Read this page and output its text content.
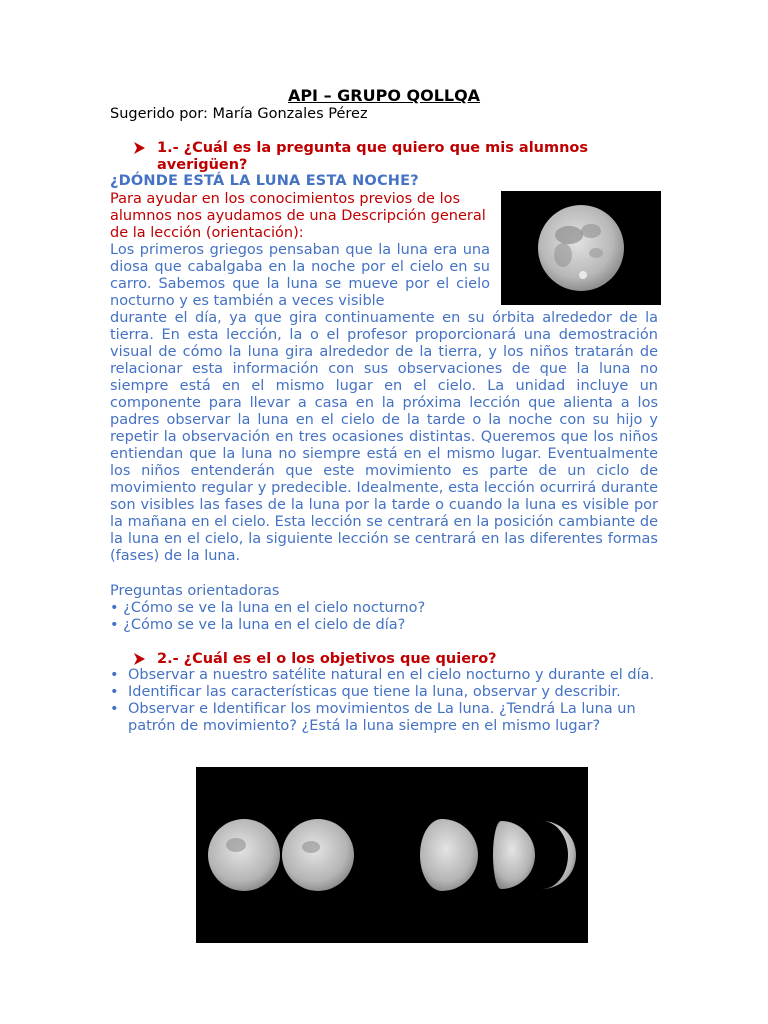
API – GRUPO QOLLQA
Sugerido por: María Gonzales Pérez
1.- ¿Cuál es la pregunta que quiero que mis alumnos averigüen?
¿DÓNDE ESTÁ LA LUNA ESTA NOCHE?
Para ayudar en los conocimientos previos de los alumnos nos ayudamos de una Descripción general de la lección (orientación):
Los primeros griegos pensaban que la luna era una diosa que cabalgaba en la noche por el cielo en su carro. Sabemos que la luna se mueve por el cielo nocturno y es también a veces visible
durante el día, ya que gira continuamente en su órbita alrededor de la tierra. En esta lección, la o el profesor proporcionará una demostración visual de cómo la luna gira alrededor de la tierra, y los niños tratarán de relacionar esta información con sus observaciones de que la luna no siempre está en el mismo lugar en el cielo. La unidad incluye un componente para llevar a casa en la próxima lección que alienta a los padres observar la luna en el cielo de la tarde o la noche con su hijo y repetir la observación en tres ocasiones distintas. Queremos que los niños entiendan que la luna no siempre está en el mismo lugar. Eventualmente los niños entenderán que este movimiento es parte de un ciclo de movimiento regular y predecible. Idealmente, esta lección ocurrirá durante son visibles las fases de la luna por la tarde o cuando la luna es visible por la mañana en el cielo. Esta lección se centrará en la posición cambiante de la luna en el cielo, la siguiente lección se centrará en las diferentes formas (fases) de la luna.
Preguntas orientadoras
• ¿Cómo se ve la luna en el cielo nocturno?
• ¿Cómo se ve la luna en el cielo de día?
2.- ¿Cuál es el o los objetivos que quiero?
• Observar a nuestro satélite natural en el cielo nocturno y durante el día.
• Identificar las características que tiene la luna, observar y describir.
• Observar e Identificar los movimientos de La luna. ¿Tendrá La luna un patrón de movimiento? ¿Está la luna siempre en el mismo lugar?
